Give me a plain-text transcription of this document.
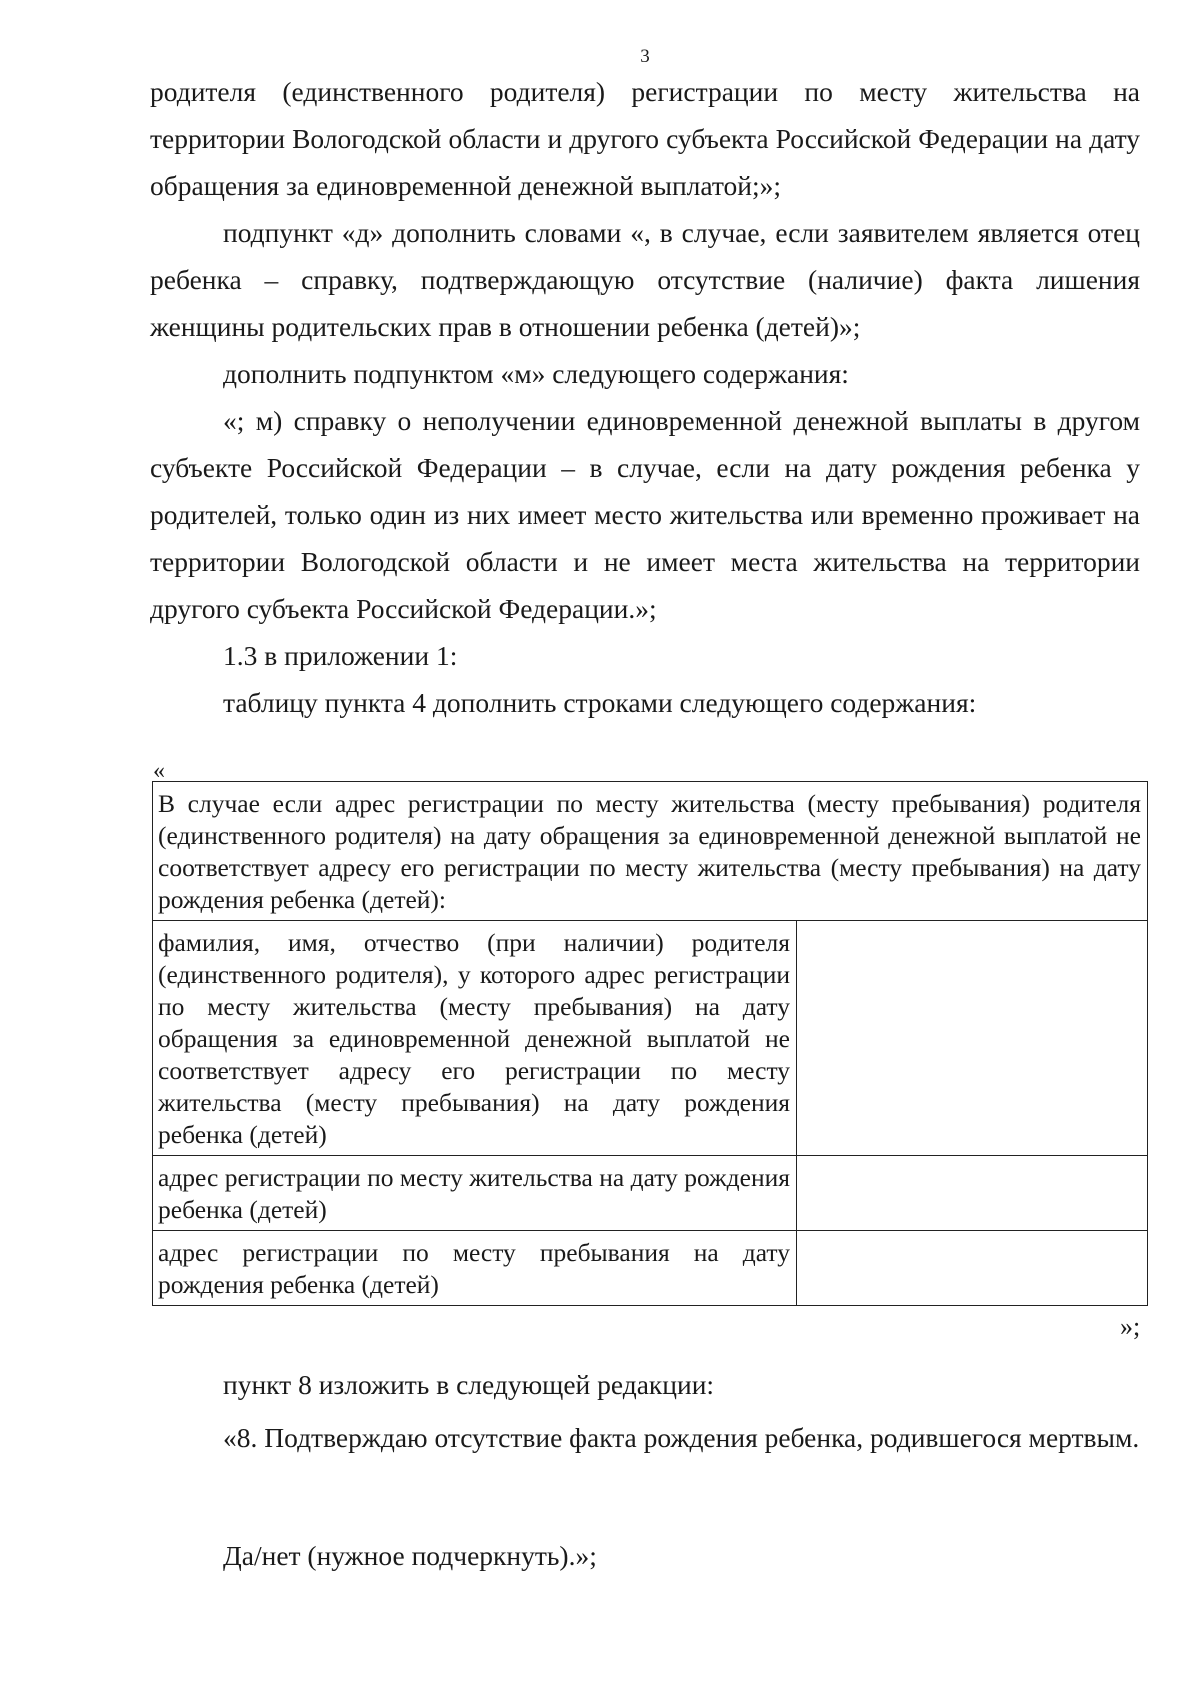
3

родителя (единственного родителя) регистрации по месту жительства на территории Вологодской области и другого субъекта Российской Федерации на дату обращения за единовременной денежной выплатой;»;

подпункт «д» дополнить словами «, в случае, если заявителем является отец ребенка – справку, подтверждающую отсутствие (наличие) факта лишения женщины родительских прав в отношении ребенка (детей)»;

дополнить подпунктом «м» следующего содержания:

«; м) справку о неполучении единовременной денежной выплаты в другом субъекте Российской Федерации – в случае, если на дату рождения ребенка у родителей, только один из них имеет место жительства или временно проживает на территории Вологодской области и не имеет места жительства на территории другого субъекта Российской Федерации.»;

1.3 в приложении 1:

таблицу пункта 4 дополнить строками следующего содержания:

«
В случае если адрес регистрации по месту жительства (месту пребывания) родителя (единственного родителя) на дату обращения за единовременной денежной выплатой не соответствует адресу его регистрации по месту жительства (месту пребывания) на дату рождения ребенка (детей):	
фамилия, имя, отчество (при наличии) родителя (единственного родителя), у которого адрес регистрации по месту жительства (месту пребывания) на дату обращения за единовременной денежной выплатой не соответствует адресу его регистрации по месту жительства (месту пребывания) на дату рождения ребенка (детей)	
адрес регистрации по месту жительства на дату рождения ребенка (детей)	
адрес регистрации по месту пребывания на дату рождения ребенка (детей)	
»;

пункт 8 изложить в следующей редакции:

«8. Подтверждаю отсутствие факта рождения ребенка, родившегося мертвым.

Да/нет (нужное подчеркнуть).»;
